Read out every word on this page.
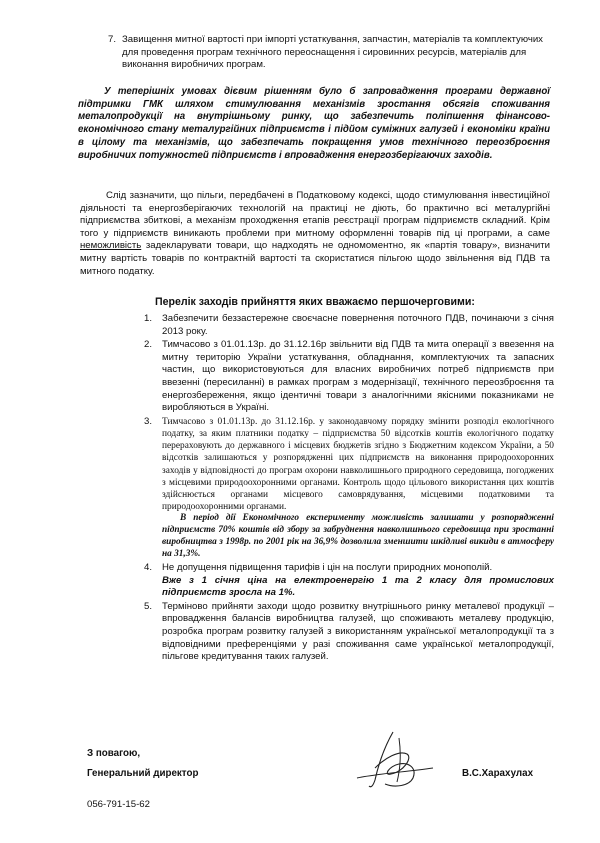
7. Завищення митної вартості при імпорті устаткування, запчастин, матеріалів та комплектуючих для проведення програм технічного переоснащення і сировинних ресурсів, матеріалів для виконання виробничих програм.

У теперішніх умовах дієвим рішенням було б запровадження програми державної підтримки ГМК шляхом стимулювання механізмів зростання обсягів споживання металопродукції на внутрішньому ринку, що забезпечить поліпшення фінансово-економічного стану металургійних підприємств і підйом суміжних галузей і економіки країни в цілому та механізмів, що забезпечать покращення умов технічного переозброєння виробничих потужностей підприємств і впровадження енергозберігаючих заходів.

Слід зазначити, що пільги, передбачені в Податковому кодексі, щодо стимулювання інвестиційної діяльності та енергозберігаючих технологій на практиці не діють, бо практично всі металургійні підприємства збиткові, а механізм проходження етапів реєстрації програм підприємств складний. Крім того у підприємств виникають проблеми при митному оформленні товарів під ці програми, а саме неможливість задекларувати товари, що надходять не одномоментно, як «партія товару», визначити митну вартість товарів по контрактній вартості та скористатися пільгою щодо звільнення від ПДВ та митного податку.

Перелік заходів прийняття яких вважаємо першочерговими:
1. Забезпечити беззастережне своєчасне повернення поточного ПДВ, починаючи з січня 2013 року.

2. Тимчасово з 01.01.13р. до 31.12.16р звільнити від ПДВ та мита операції з ввезення на митну територію України устаткування, обладнання, комплектуючих та запасних частин, що використовуються для власних виробничих потреб підприємств при ввезенні (пересиланні) в рамках програм з модернізації, технічного переозброєння та енергозбереження, якщо ідентичні товари з аналогічними якісними показниками не виробляються в Україні.

3. Тимчасово з 01.01.13р. до 31.12.16р. у законодавчому порядку змінити розподіл екологічного податку, за яким платники податку – підприємства 50 відсотків коштів екологічного податку перераховують до державного і місцевих бюджетів згідно з Бюджетним кодексом України, а 50 відсотків залишаються у розпорядженні цих підприємств на виконання природоохоронних заходів у відповідності до програм охорони навколишнього природного середовища, погоджених з місцевими природоохоронними органами. Контроль щодо цільового використання цих коштів здійснюється органами місцевого самоврядування, місцевими податковими та природоохоронними органами.

В період дії Економічного експерименту можливість залишати у розпорядженні підприємств 70% коштів від збору за забруднення навколишнього середовища при зростанні виробництва з 1998р. по 2001 рік на 36,9% дозволила зменшити шкідливі викиди в атмосферу на 31,3%.

4. Не допущення підвищення тарифів і цін на послуги природних монополій.

Вже з 1 січня ціна на електроенергію 1 та 2 класу для промислових підприємств зросла на 1%.

5. Терміново прийняти заходи щодо розвитку внутрішнього ринку металевої продукції – впровадження балансів виробництва галузей, що споживають металеву продукцію, розробка програм розвитку галузей з використанням української металопродукції та з відповідними преференціями у разі споживання саме української металопродукції, пільгове кредитування таких галузей.

З повагою,
Генеральний директор	В.С.Харахулах
056-791-15-62
